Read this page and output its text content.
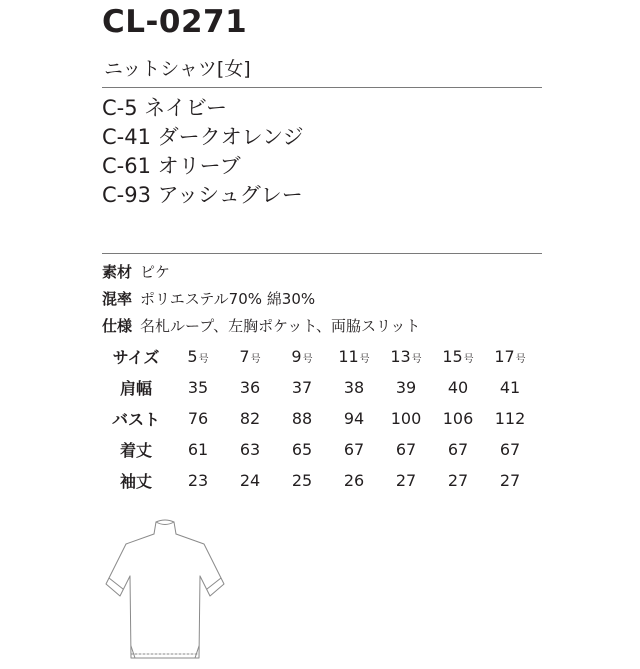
CL-0271
ニットシャツ[女]
C-5 ネイビー
C-41 ダークオレンジ
C-61 オリーブ
C-93 アッシュグレー
素材 ピケ
混率 ポリエステル70% 綿30%
仕様 名札ループ、左胸ポケット、両脇スリット
サイズ	5号	7号	9号	11号	13号	15号	17号
肩幅	35	36	37	38	39	40	41
バスト	76	82	88	94	100	106	112
着丈	61	63	65	67	67	67	67
袖丈	23	24	25	26	27	27	27
